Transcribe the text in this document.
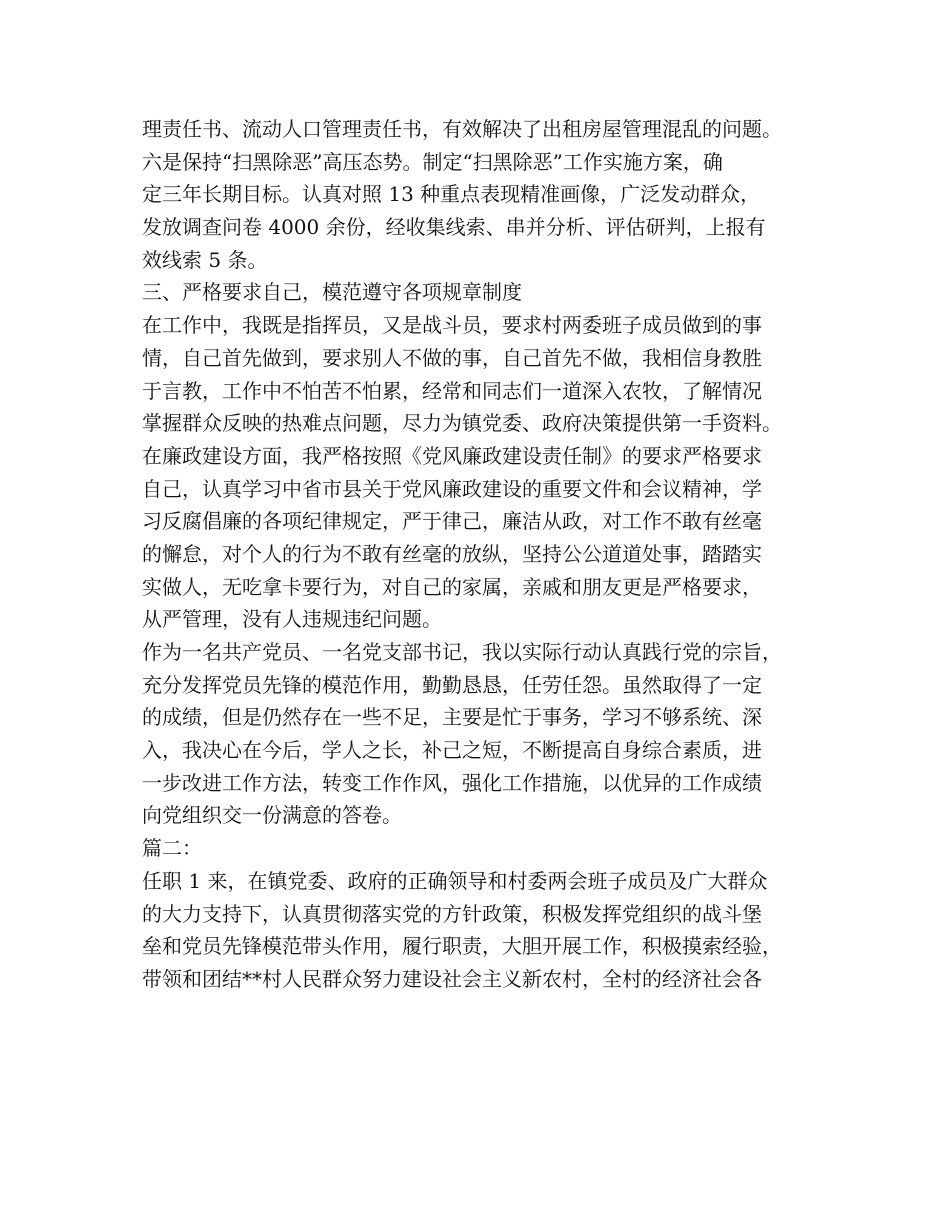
理责任书、流动人口管理责任书，有效解决了出租房屋管理混乱的问题。
六是保持“扫黑除恶”高压态势。制定“扫黑除恶”工作实施方案，确
定三年长期目标。认真对照 13 种重点表现精准画像，广泛发动群众，
发放调查问卷 4000 余份，经收集线索、串并分析、评估研判，上报有
效线索 5 条。
三、严格要求自己，模范遵守各项规章制度
在工作中，我既是指挥员，又是战斗员，要求村两委班子成员做到的事
情，自己首先做到，要求别人不做的事，自己首先不做，我相信身教胜
于言教，工作中不怕苦不怕累，经常和同志们一道深入农牧，了解情况
掌握群众反映的热难点问题，尽力为镇党委、政府决策提供第一手资料。
在廉政建设方面，我严格按照《党风廉政建设责任制》的要求严格要求
自己，认真学习中省市县关于党风廉政建设的重要文件和会议精神，学
习反腐倡廉的各项纪律规定，严于律己，廉洁从政，对工作不敢有丝毫
的懈怠，对个人的行为不敢有丝毫的放纵，坚持公公道道处事，踏踏实
实做人，无吃拿卡要行为，对自己的家属，亲戚和朋友更是严格要求，
从严管理，没有人违规违纪问题。
作为一名共产党员、一名党支部书记，我以实际行动认真践行党的宗旨，
充分发挥党员先锋的模范作用，勤勤恳恳，任劳任怨。虽然取得了一定
的成绩，但是仍然存在一些不足，主要是忙于事务，学习不够系统、深
入，我决心在今后，学人之长，补己之短，不断提高自身综合素质，进
一步改进工作方法，转变工作作风，强化工作措施，以优异的工作成绩
向党组织交一份满意的答卷。
篇二：
任职 1 来，在镇党委、政府的正确领导和村委两会班子成员及广大群众
的大力支持下，认真贯彻落实党的方针政策，积极发挥党组织的战斗堡
垒和党员先锋模范带头作用，履行职责，大胆开展工作，积极摸索经验，
带领和团结**村人民群众努力建设社会主义新农村，全村的经济社会各
